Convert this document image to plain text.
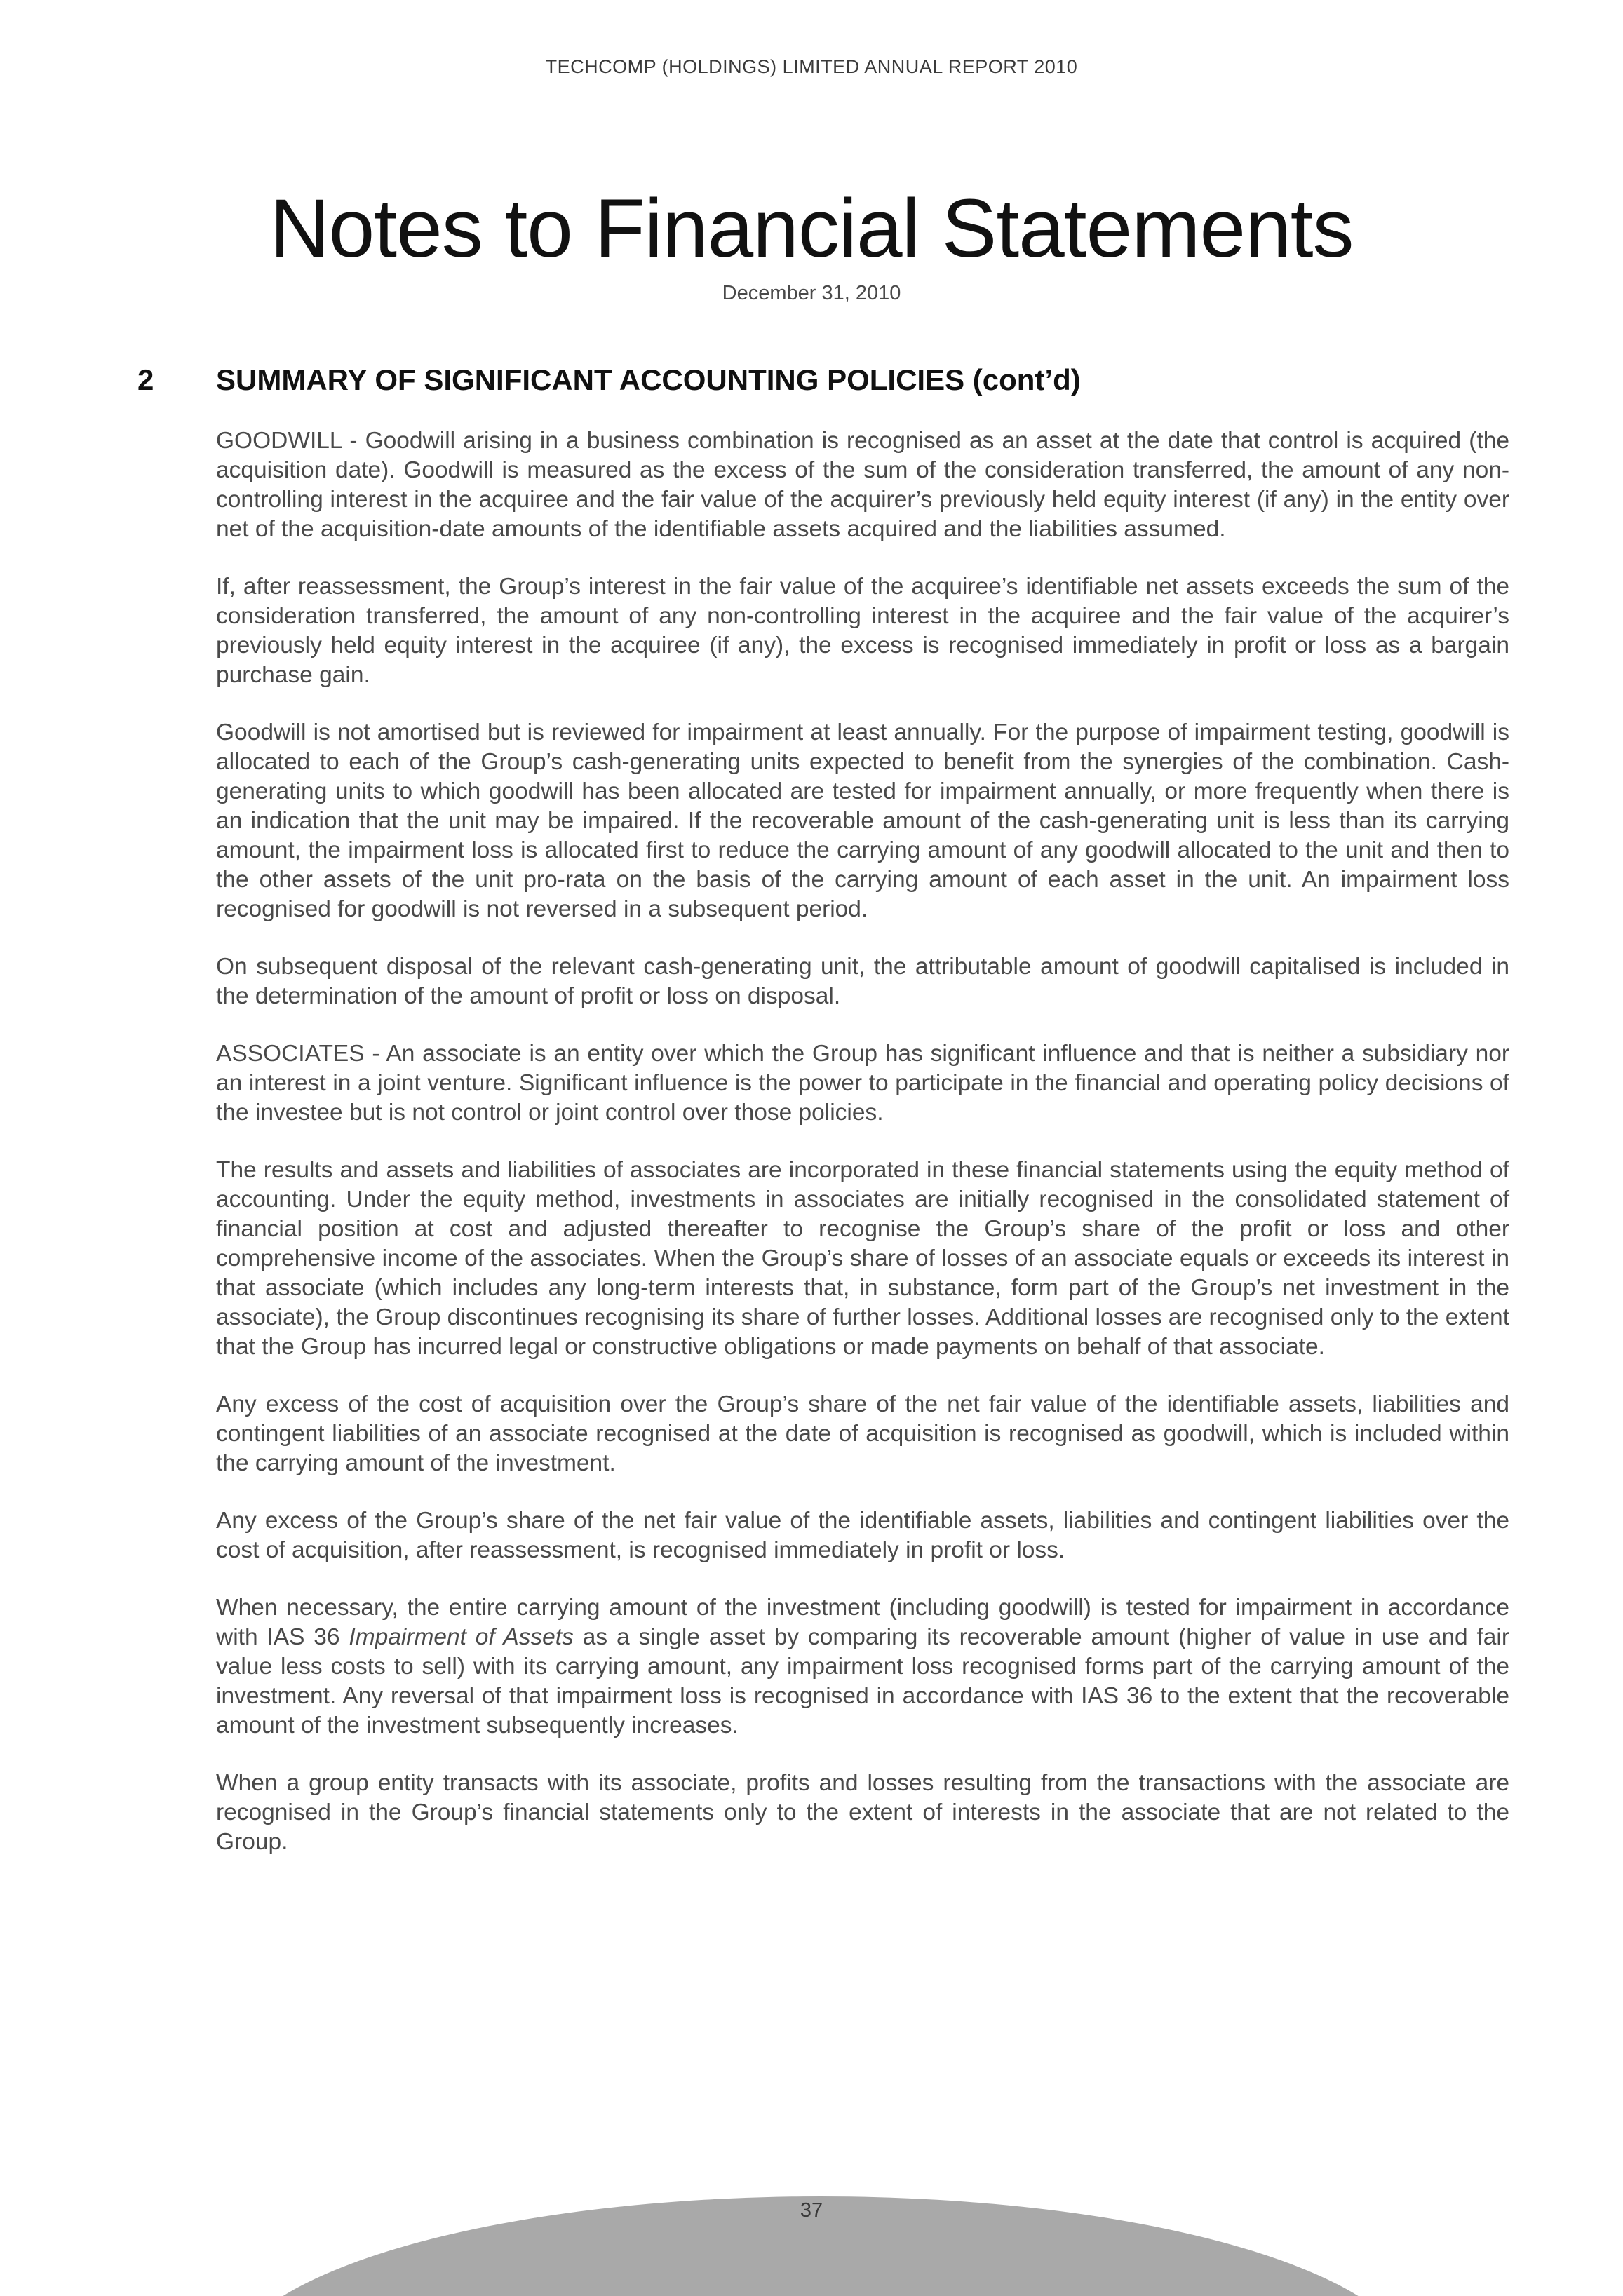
TECHCOMP (HOLDINGS) LIMITED ANNUAL REPORT 2010
Notes to Financial Statements
December 31, 2010
2 SUMMARY OF SIGNIFICANT ACCOUNTING POLICIES (cont’d)

GOODWILL - Goodwill arising in a business combination is recognised as an asset at the date that control is acquired (the acquisition date). Goodwill is measured as the excess of the sum of the consideration transferred, the amount of any non-controlling interest in the acquiree and the fair value of the acquirer’s previously held equity interest (if any) in the entity over net of the acquisition-date amounts of the identifiable assets acquired and the liabilities assumed.

If, after reassessment, the Group’s interest in the fair value of the acquiree’s identifiable net assets exceeds the sum of the consideration transferred, the amount of any non-controlling interest in the acquiree and the fair value of the acquirer’s previously held equity interest in the acquiree (if any), the excess is recognised immediately in profit or loss as a bargain purchase gain.

Goodwill is not amortised but is reviewed for impairment at least annually. For the purpose of impairment testing, goodwill is allocated to each of the Group’s cash-generating units expected to benefit from the synergies of the combination. Cash-generating units to which goodwill has been allocated are tested for impairment annually, or more frequently when there is an indication that the unit may be impaired. If the recoverable amount of the cash-generating unit is less than its carrying amount, the impairment loss is allocated first to reduce the carrying amount of any goodwill allocated to the unit and then to the other assets of the unit pro-rata on the basis of the carrying amount of each asset in the unit. An impairment loss recognised for goodwill is not reversed in a subsequent period.

On subsequent disposal of the relevant cash-generating unit, the attributable amount of goodwill capitalised is included in the determination of the amount of profit or loss on disposal.

ASSOCIATES - An associate is an entity over which the Group has significant influence and that is neither a subsidiary nor an interest in a joint venture. Significant influence is the power to participate in the financial and operating policy decisions of the investee but is not control or joint control over those policies.

The results and assets and liabilities of associates are incorporated in these financial statements using the equity method of accounting. Under the equity method, investments in associates are initially recognised in the consolidated statement of financial position at cost and adjusted thereafter to recognise the Group’s share of the profit or loss and other comprehensive income of the associates. When the Group’s share of losses of an associate equals or exceeds its interest in that associate (which includes any long-term interests that, in substance, form part of the Group’s net investment in the associate), the Group discontinues recognising its share of further losses. Additional losses are recognised only to the extent that the Group has incurred legal or constructive obligations or made payments on behalf of that associate.

Any excess of the cost of acquisition over the Group’s share of the net fair value of the identifiable assets, liabilities and contingent liabilities of an associate recognised at the date of acquisition is recognised as goodwill, which is included within the carrying amount of the investment.

Any excess of the Group’s share of the net fair value of the identifiable assets, liabilities and contingent liabilities over the cost of acquisition, after reassessment, is recognised immediately in profit or loss.

When necessary, the entire carrying amount of the investment (including goodwill) is tested for impairment in accordance with IAS 36 Impairment of Assets as a single asset by comparing its recoverable amount (higher of value in use and fair value less costs to sell) with its carrying amount, any impairment loss recognised forms part of the carrying amount of the investment. Any reversal of that impairment loss is recognised in accordance with IAS 36 to the extent that the recoverable amount of the investment subsequently increases.

When a group entity transacts with its associate, profits and losses resulting from the transactions with the associate are recognised in the Group’s financial statements only to the extent of interests in the associate that are not related to the Group.

37
